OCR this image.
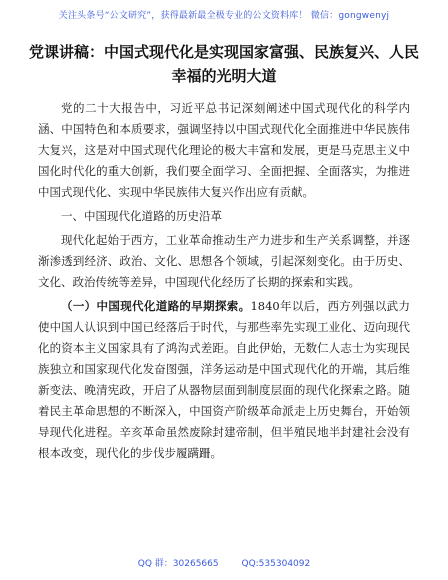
关注头条号“公文研究”，获得最新最全极专业的公文资料库！ 微信：gongwenyj
党课讲稿：中国式现代化是实现国家富强、民族复兴、人民幸福的光明大道

党的二十大报告中，习近平总书记深刻阐述中国式现代化的科学内涵、中国特色和本质要求，强调坚持以中国式现代化全面推进中华民族伟大复兴，这是对中国式现代化理论的极大丰富和发展，更是马克思主义中国化时代化的重大创新，我们要全面学习、全面把握、全面落实，为推进中国式现代化、实现中华民族伟大复兴作出应有贡献。

一、中国现代化道路的历史沿革

现代化起始于西方，工业革命推动生产力进步和生产关系调整，并逐渐渗透到经济、政治、文化、思想各个领域，引起深刻变化。由于历史、文化、政治传统等差异，中国现代化经历了长期的探索和实践。

（一）中国现代化道路的早期探索。1840年以后，西方列强以武力使中国人认识到中国已经落后于时代，与那些率先实现工业化、迈向现代化的资本主义国家具有了鸿沟式差距。自此伊始，无数仁人志士为实现民族独立和国家现代化发奋图强，洋务运动是中国式现代化的开端，其后维新变法、晚清宪政，开启了从器物层面到制度层面的现代化探索之路。随着民主革命思想的不断深入，中国资产阶级革命派走上历史舞台，开始领导现代化进程。辛亥革命虽然废除封建帝制，但半殖民地半封建社会没有根本改变，现代化的步伐步履蹒跚。

QQ 群：30265665	QQ:535304092
